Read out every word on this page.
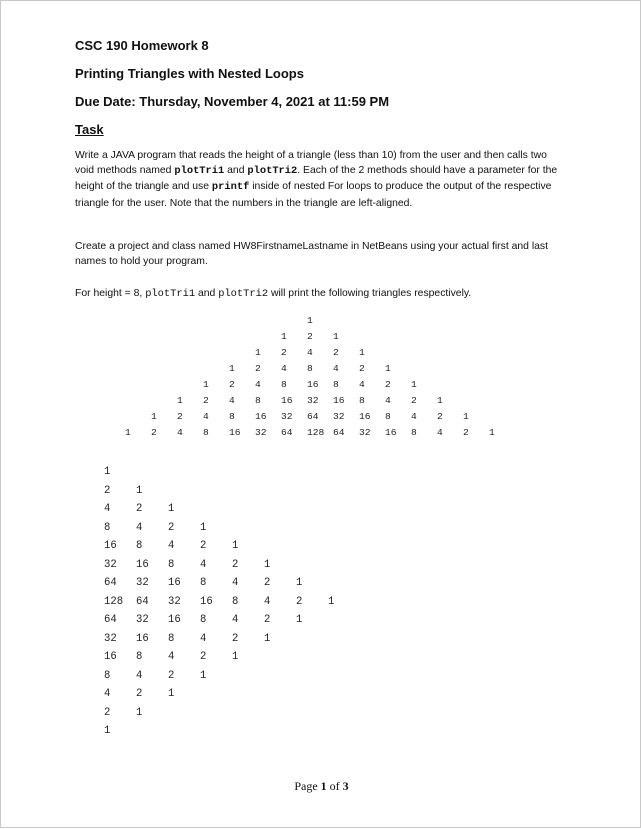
CSC 190 Homework 8

Printing Triangles with Nested Loops

Due Date: Thursday, November 4, 2021 at 11:59 PM

Task

Write a JAVA program that reads the height of a triangle (less than 10) from the user and then calls two void methods named plotTri1 and plotTri2. Each of the 2 methods should have a parameter for the height of the triangle and use printf inside of nested For loops to produce the output of the respective triangle for the user. Note that the numbers in the triangle are left-aligned.

Create a project and class named HW8FirstnameLastname in NetBeans using your actual first and last names to hold your program.

For height = 8, plotTri1 and plotTri2 will print the following triangles respectively.

1
1 2 1
1 2 4 2 1
1 2 4 8 4 2 1
1 2 4 8 16 8 4 2 1
1 2 4 8 16 32 16 8 4 2 1
1 2 4 8 16 32 64 32 16 8 4 2 1
1 2 4 8 16 32 64 128 64 32 16 8 4 2 1
1
2 1
4 2 1
8 4 2 1
16 8 4 2 1
32 16 8 4 2 1
64 32 16 8 4 2 1
128 64 32 16 8 4 2 1
64 32 16 8 4 2 1
32 16 8 4 2 1
16 8 4 2 1
8 4 2 1
4 2 1
2 1
1
Page 1 of 3
